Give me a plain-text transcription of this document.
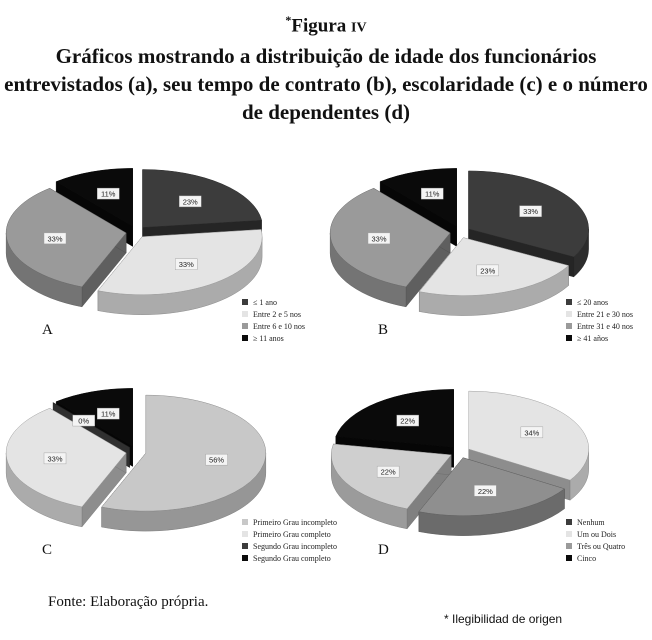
*Figura IV
Gráficos mostrando a distribuição de idade dos funcionários entrevistados (a), seu tempo de contrato (b), escolaridade (c) e o número de dependentes (d)
23%
33%
33%
11%
A
≤ 1 ano
Entre 2 e 5 nos
Entre 6 e 10 nos
≥ 11 anos
33%
23%
33%
11%
B
≤ 20 anos
Entre 21 e 30 nos
Entre 31 e 40 nos
≥ 41 años
56%
33%
0%
11%
C
Primeiro Grau incompleto
Primeiro Grau completo
Segundo Grau incompleto
Segundo Grau completo
34%
22%
22%
22%
D
Nenhum
Um ou Dois
Três ou Quatro
Cinco
Fonte: Elaboração própria.
* Ilegibilidad de origen
